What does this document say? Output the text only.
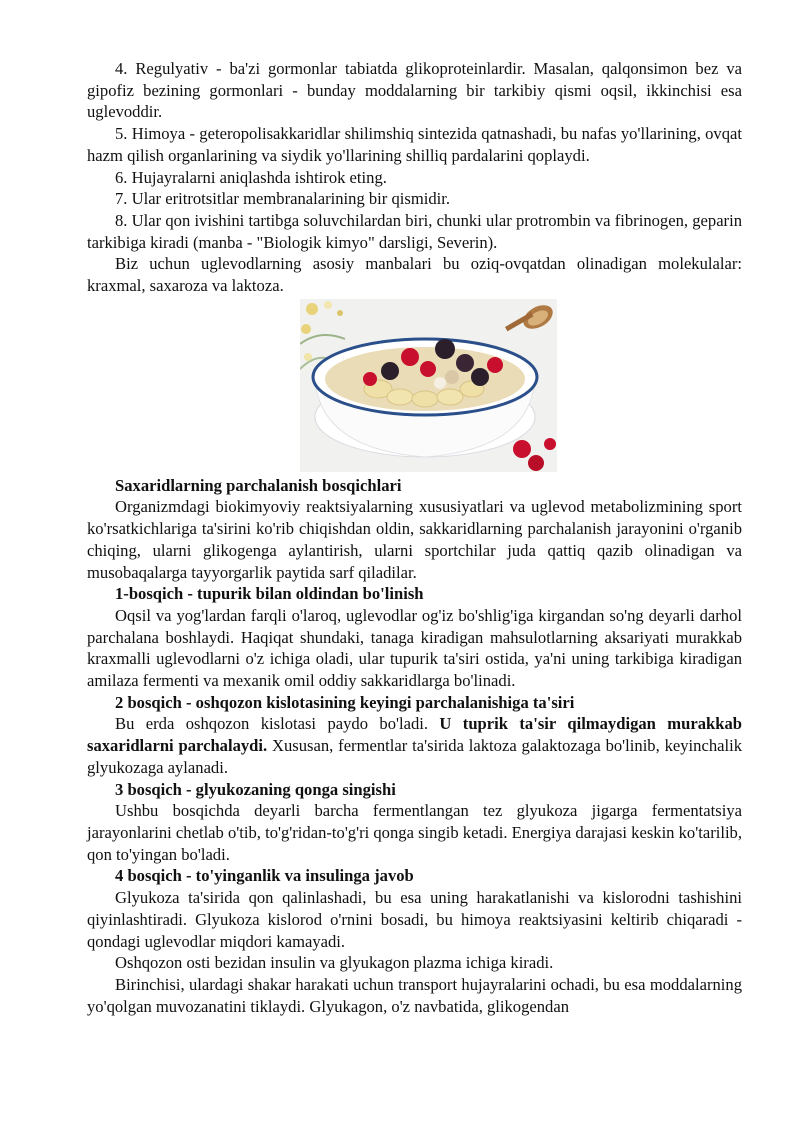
4. Regulyativ - ba'zi gormonlar tabiatda glikoproteinlardir. Masalan, qalqonsimon bez va gipofiz bezining gormonlari - bunday moddalarning bir tarkibiy qismi oqsil, ikkinchisi esa uglevoddir.

5. Himoya - geteropolisakkaridlar shilimshiq sintezida qatnashadi, bu nafas yo'llarining, ovqat hazm qilish organlarining va siydik yo'llarining shilliq pardalarini qoplaydi.

6. Hujayralarni aniqlashda ishtirok eting.

7. Ular eritrotsitlar membranalarining bir qismidir.

8. Ular qon ivishini tartibga soluvchilardan biri, chunki ular protrombin va fibrinogen, geparin tarkibiga kiradi (manba - "Biologik kimyo" darsligi, Severin).

Biz uchun uglevodlarning asosiy manbalari bu oziq-ovqatdan olinadigan molekulalar: kraxmal, saxaroza va laktoza.

Saxaridlarning parchalanish bosqichlari

Organizmdagi biokimyoviy reaktsiyalarning xususiyatlari va uglevod metabolizmining sport ko'rsatkichlariga ta'sirini ko'rib chiqishdan oldin, sakkaridlarning parchalanish jarayonini o'rganib chiqing, ularni glikogenga aylantirish, ularni sportchilar juda qattiq qazib olinadigan va musobaqalarga tayyorgarlik paytida sarf qiladilar.

1-bosqich - tupurik bilan oldindan bo'linish

Oqsil va yog'lardan farqli o'laroq, uglevodlar og'iz bo'shlig'iga kirgandan so'ng deyarli darhol parchalana boshlaydi. Haqiqat shundaki, tanaga kiradigan mahsulotlarning aksariyati murakkab kraxmalli uglevodlarni o'z ichiga oladi, ular tupurik ta'siri ostida, ya'ni uning tarkibiga kiradigan amilaza fermenti va mexanik omil oddiy sakkaridlarga bo'linadi.

2 bosqich - oshqozon kislotasining keyingi parchalanishiga ta'siri

Bu erda oshqozon kislotasi paydo bo'ladi. U tuprik ta'sir qilmaydigan murakkab saxaridlarni parchalaydi. Xususan, fermentlar ta'sirida laktoza galaktozaga bo'linib, keyinchalik glyukozaga aylanadi.

3 bosqich - glyukozaning qonga singishi

Ushbu bosqichda deyarli barcha fermentlangan tez glyukoza jigarga fermentatsiya jarayonlarini chetlab o'tib, to'g'ridan-to'g'ri qonga singib ketadi. Energiya darajasi keskin ko'tarilib, qon to'yingan bo'ladi.

4 bosqich - to'yinganlik va insulinga javob

Glyukoza ta'sirida qon qalinlashadi, bu esa uning harakatlanishi va kislorodni tashishini qiyinlashtiradi. Glyukoza kislorod o'rnini bosadi, bu himoya reaktsiyasini keltirib chiqaradi - qondagi uglevodlar miqdori kamayadi.

Oshqozon osti bezidan insulin va glyukagon plazma ichiga kiradi.

Birinchisi, ulardagi shakar harakati uchun transport hujayralarini ochadi, bu esa moddalarning yo'qolgan muvozanatini tiklaydi. Glyukagon, o'z navbatida, glikogendan
